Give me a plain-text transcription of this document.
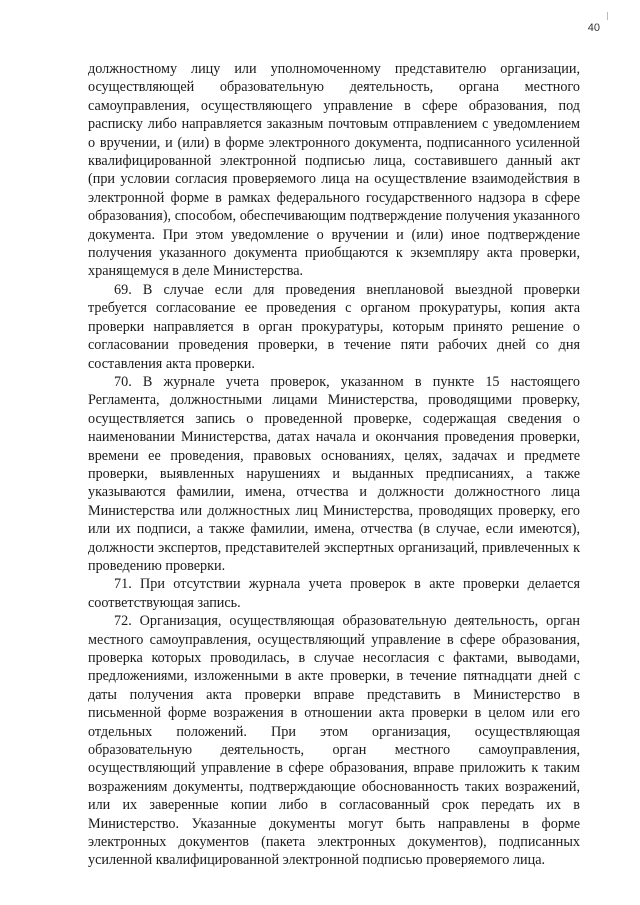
40

должностному лицу или уполномоченному представителю организации, осуществляющей образовательную деятельность, органа местного самоуправления, осуществляющего управление в сфере образования, под расписку либо направляется заказным почтовым отправлением с уведомлением о вручении, и (или) в форме электронного документа, подписанного усиленной квалифицированной электронной подписью лица, составившего данный акт (при условии согласия проверяемого лица на осуществление взаимодействия в электронной форме в рамках федерального государственного надзора в сфере образования), способом, обеспечивающим подтверждение получения указанного документа. При этом уведомление о вручении и (или) иное подтверждение получения указанного документа приобщаются к экземпляру акта проверки, хранящемуся в деле Министерства.

69. В случае если для проведения внеплановой выездной проверки требуется согласование ее проведения с органом прокуратуры, копия акта проверки направляется в орган прокуратуры, которым принято решение о согласовании проведения проверки, в течение пяти рабочих дней со дня составления акта проверки.

70. В журнале учета проверок, указанном в пункте 15 настоящего Регламента, должностными лицами Министерства, проводящими проверку, осуществляется запись о проведенной проверке, содержащая сведения о наименовании Министерства, датах начала и окончания проведения проверки, времени ее проведения, правовых основаниях, целях, задачах и предмете проверки, выявленных нарушениях и выданных предписаниях, а также указываются фамилии, имена, отчества и должности должностного лица Министерства или должностных лиц Министерства, проводящих проверку, его или их подписи, а также фамилии, имена, отчества (в случае, если имеются), должности экспертов, представителей экспертных организаций, привлеченных к проведению проверки.

71. При отсутствии журнала учета проверок в акте проверки делается соответствующая запись.

72. Организация, осуществляющая образовательную деятельность, орган местного самоуправления, осуществляющий управление в сфере образования, проверка которых проводилась, в случае несогласия с фактами, выводами, предложениями, изложенными в акте проверки, в течение пятнадцати дней с даты получения акта проверки вправе представить в Министерство в письменной форме возражения в отношении акта проверки в целом или его отдельных положений. При этом организация, осуществляющая образовательную деятельность, орган местного самоуправления, осуществляющий управление в сфере образования, вправе приложить к таким возражениям документы, подтверждающие обоснованность таких возражений, или их заверенные копии либо в согласованный срок передать их в Министерство. Указанные документы могут быть направлены в форме электронных документов (пакета электронных документов), подписанных усиленной квалифицированной электронной подписью проверяемого лица.
